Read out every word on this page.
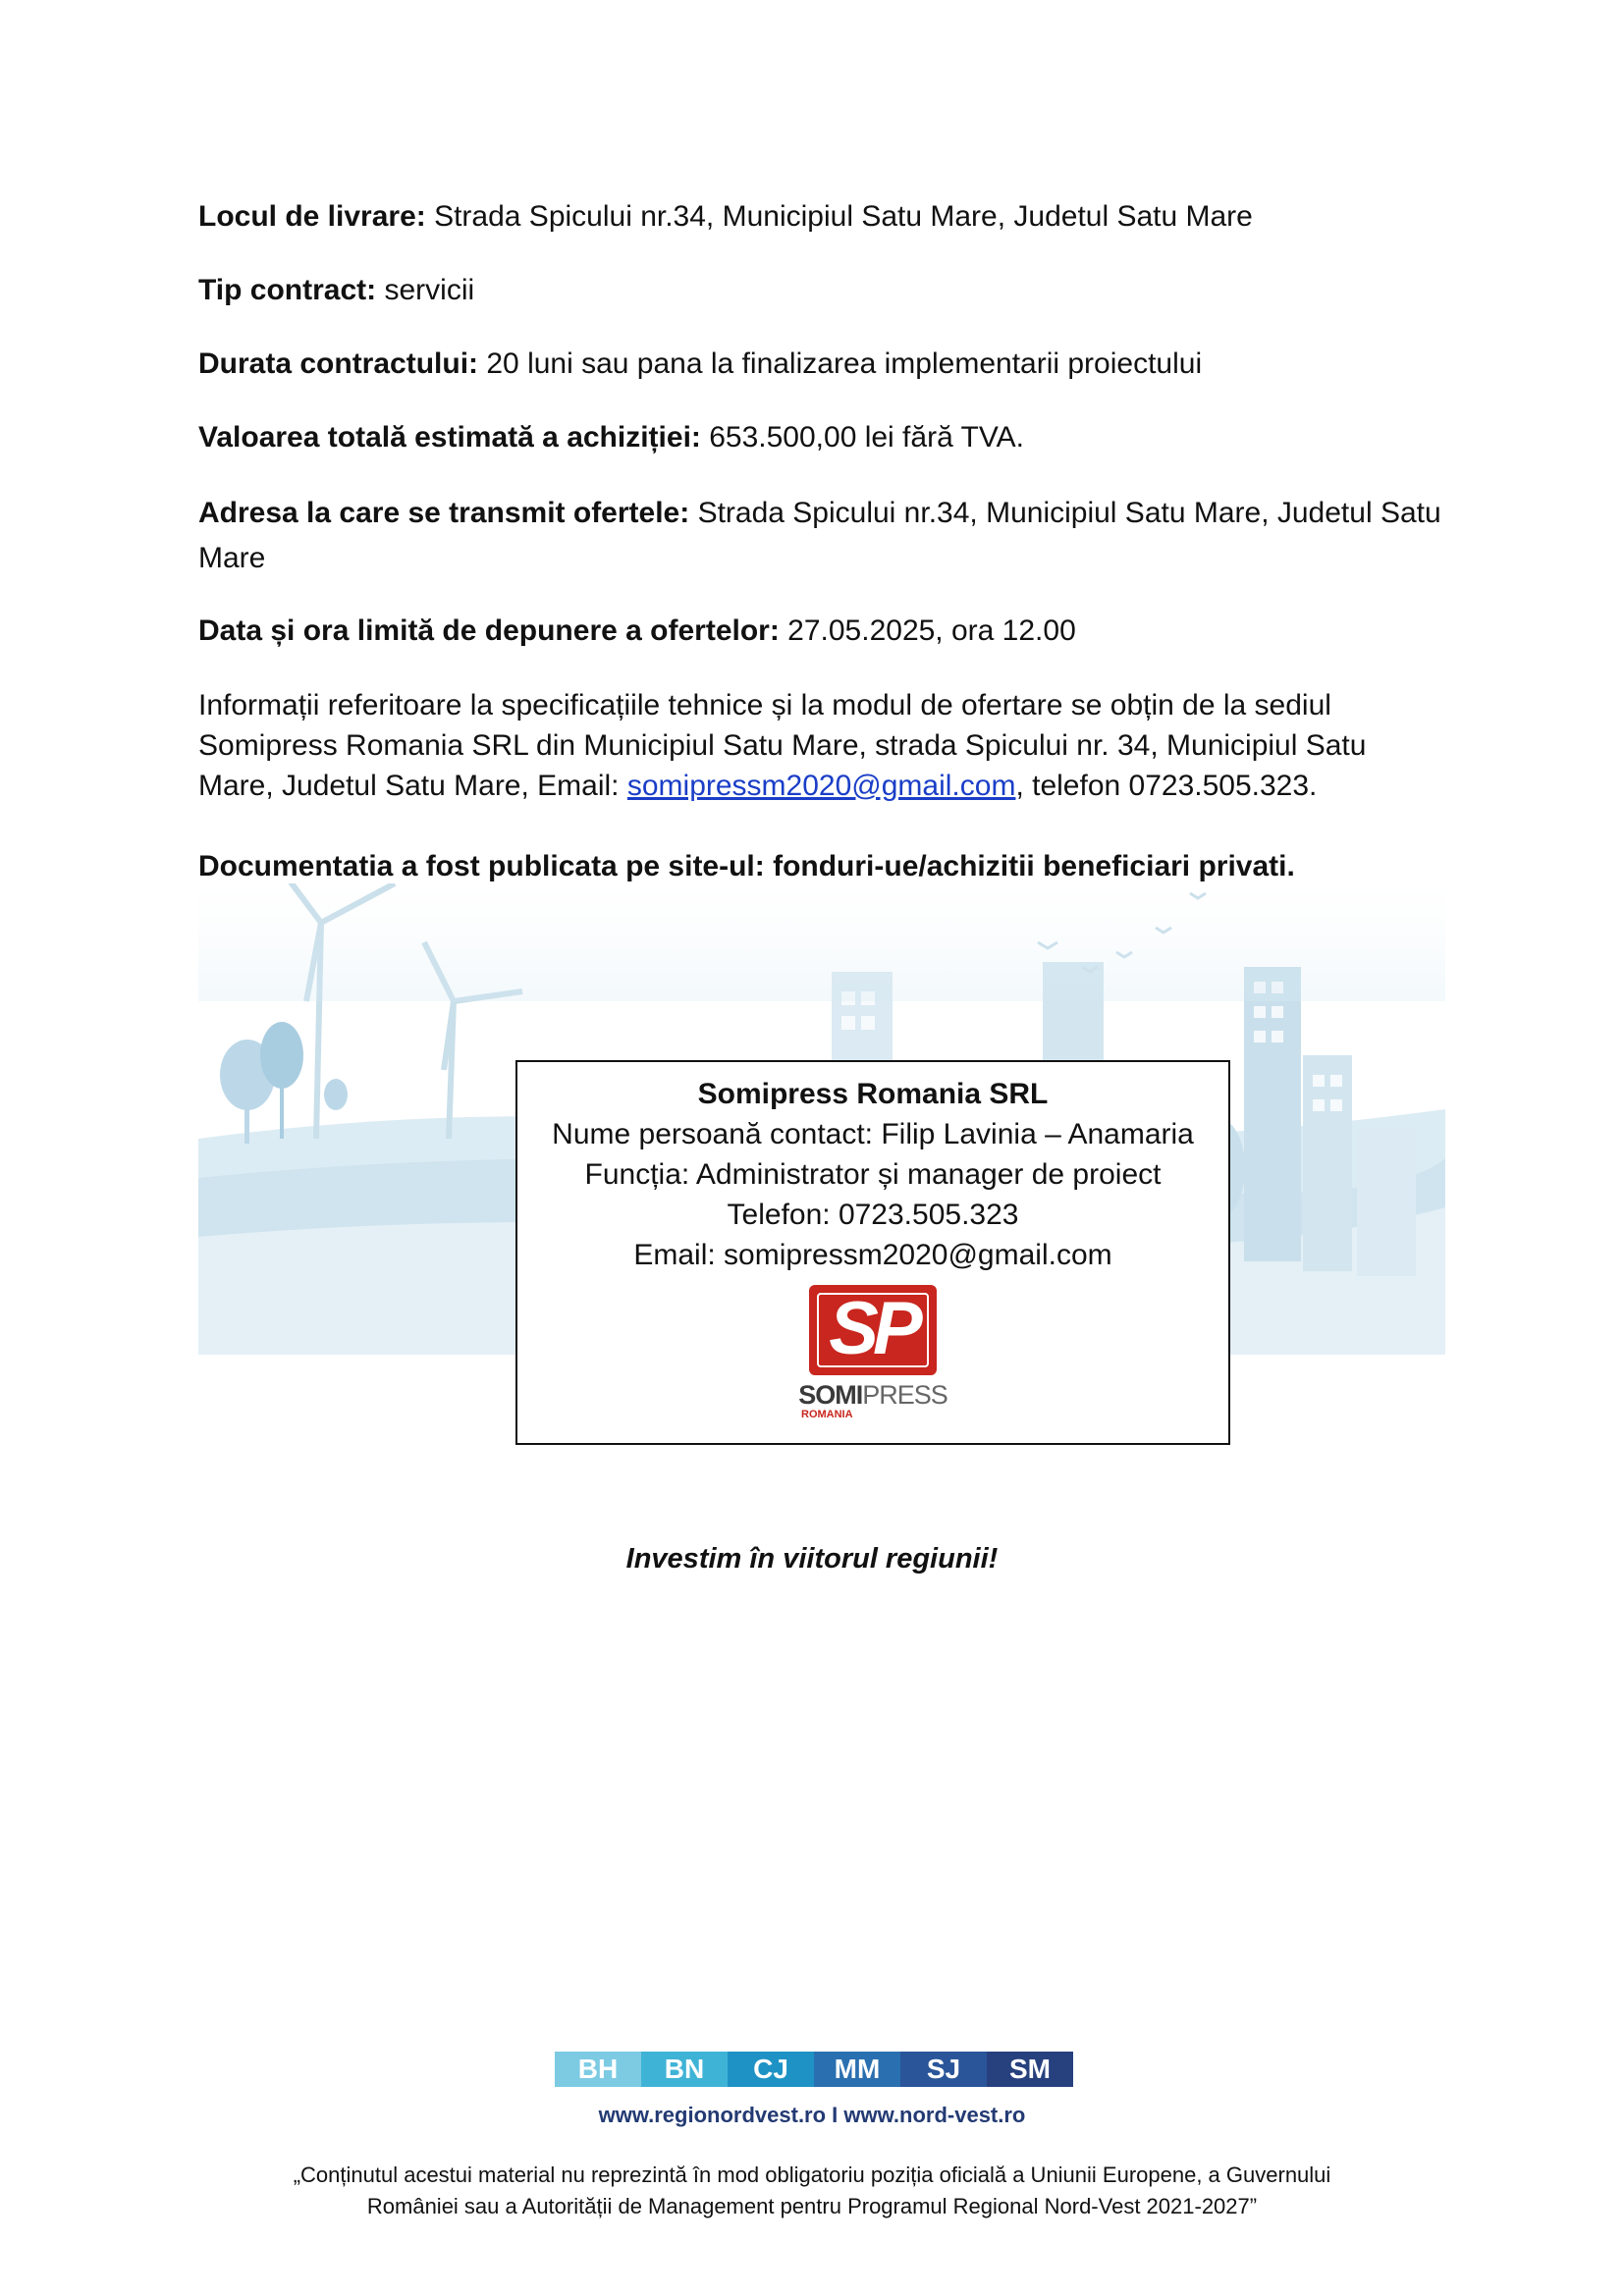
Locul de livrare: Strada Spicului nr.34, Municipiul Satu Mare, Judetul Satu Mare

Tip contract: servicii

Durata contractului: 20 luni sau pana la finalizarea implementarii proiectului

Valoarea totală estimată a achiziției: 653.500,00 lei fără TVA.

Adresa la care se transmit ofertele: Strada Spicului nr.34, Municipiul Satu Mare, Judetul Satu Mare

Data și ora limită de depunere a ofertelor: 27.05.2025, ora 12.00

Informații referitoare la specificațiile tehnice și la modul de ofertare se obțin de la sediul Somipress Romania SRL din Municipiul Satu Mare, strada Spicului nr. 34, Municipiul Satu Mare, Judetul Satu Mare, Email: somipressm2020@gmail.com, telefon 0723.505.323.

Documentatia a fost publicata pe site-ul: fonduri-ue/achizitii beneficiari privati.

Somipress Romania SRL
Nume persoană contact: Filip Lavinia – Anamaria
Funcția: Administrator și manager de proiect
Telefon: 0723.505.323
Email: somipressm2020@gmail.com
SP
SOMIPRESS
ROMANIA
Investim în viitorul regiunii!
BH	BN	CJ	MM	SJ	SM
www.regionordvest.ro I www.nord-vest.ro
„Conținutul acestui material nu reprezintă în mod obligatoriu poziția oficială a Uniunii Europene, a Guvernului
României sau a Autorității de Management pentru Programul Regional Nord-Vest 2021-2027”
